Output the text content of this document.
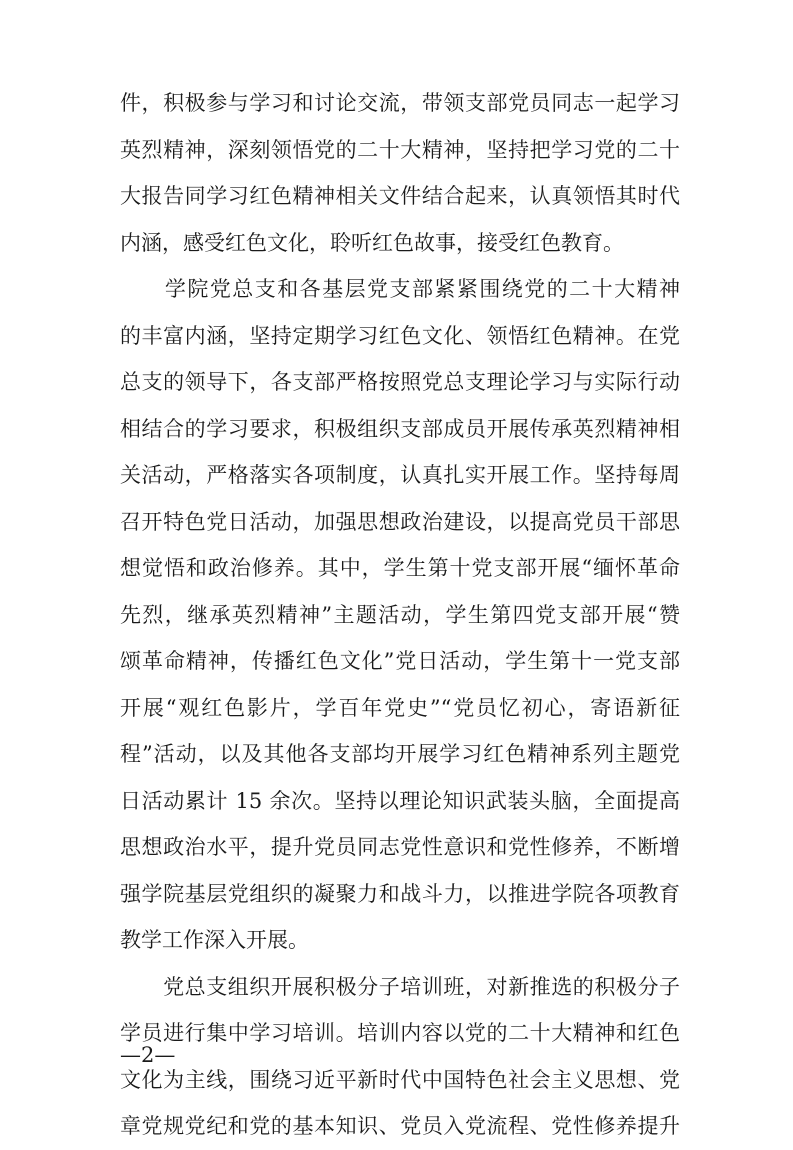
件，积极参与学习和讨论交流，带领支部党员同志一起学习
英烈精神，深刻领悟党的二十大精神，坚持把学习党的二十
大报告同学习红色精神相关文件结合起来，认真领悟其时代
内涵，感受红色文化，聆听红色故事，接受红色教育。
　　学院党总支和各基层党支部紧紧围绕党的二十大精神
的丰富内涵，坚持定期学习红色文化、领悟红色精神。在党
总支的领导下，各支部严格按照党总支理论学习与实际行动
相结合的学习要求，积极组织支部成员开展传承英烈精神相
关活动，严格落实各项制度，认真扎实开展工作。坚持每周
召开特色党日活动，加强思想政治建设，以提高党员干部思
想觉悟和政治修养。其中，学生第十党支部开展“缅怀革命
先烈，继承英烈精神”主题活动，学生第四党支部开展“赞
颂革命精神，传播红色文化”党日活动，学生第十一党支部
开展“观红色影片，学百年党史”“党员忆初心，寄语新征
程”活动，以及其他各支部均开展学习红色精神系列主题党
日活动累计 15 余次。坚持以理论知识武装头脑，全面提高
思想政治水平，提升党员同志党性意识和党性修养，不断增
强学院基层党组织的凝聚力和战斗力，以推进学院各项教育
教学工作深入开展。
　　党总支组织开展积极分子培训班，对新推选的积极分子
学员进行集中学习培训。培训内容以党的二十大精神和红色
文化为主线，围绕习近平新时代中国特色社会主义思想、党
章党规党纪和党的基本知识、党员入党流程、党性修养提升
—2—
